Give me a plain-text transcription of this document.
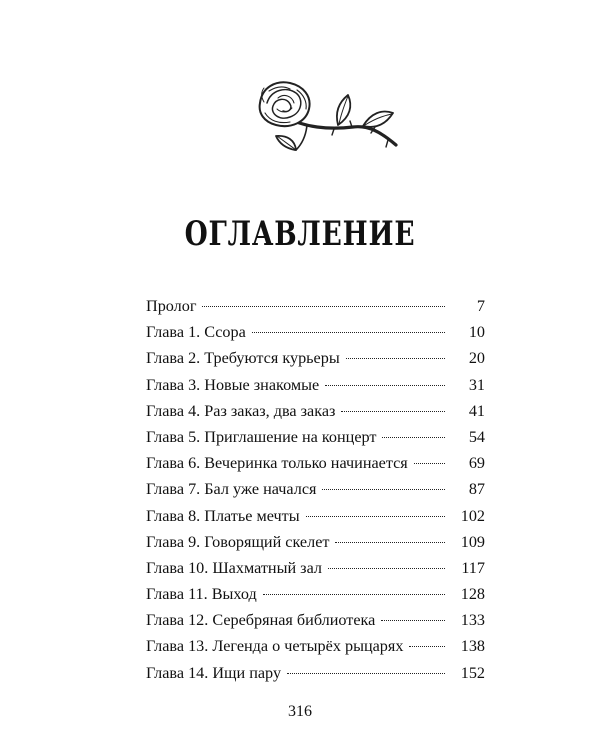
ОГЛАВЛЕНИЕ
Пролог	7
Глава 1. Ссора	10
Глава 2. Требуются курьеры	20
Глава 3. Новые знакомые	31
Глава 4. Раз заказ, два заказ	41
Глава 5. Приглашение на концерт	54
Глава 6. Вечеринка только начинается	69
Глава 7. Бал уже начался	87
Глава 8. Платье мечты	102
Глава 9. Говорящий скелет	109
Глава 10. Шахматный зал	117
Глава 11. Выход	128
Глава 12. Серебряная библиотека	133
Глава 13. Легенда о четырёх рыцарях	138
Глава 14. Ищи пару	152
316
